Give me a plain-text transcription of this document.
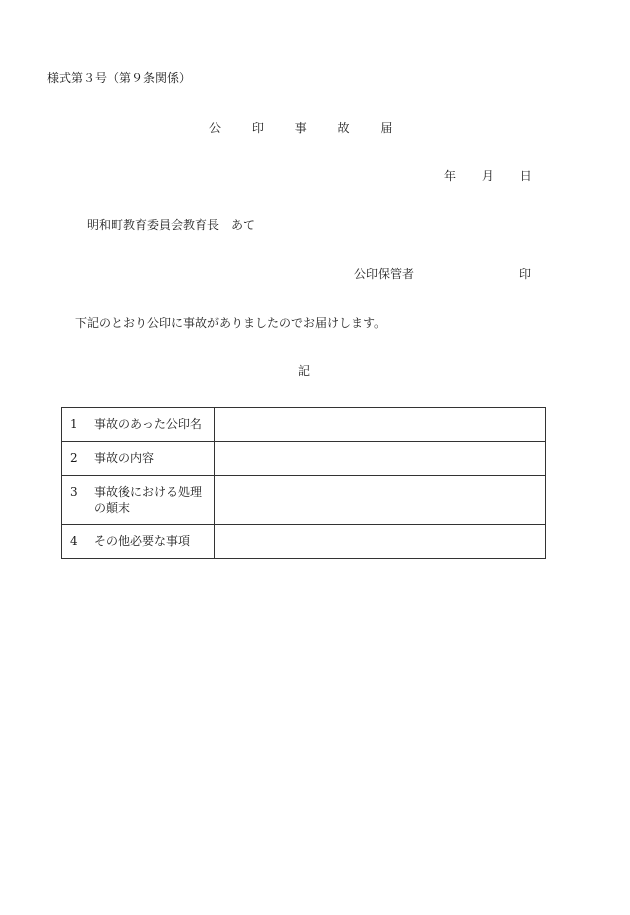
様式第３号（第９条関係）
公	印	事	故	届
年 月 日
明和町教育委員会教育長　あて
公印保管者	印
下記のとおり公印に事故がありましたのでお届けします。
記
1 事故のあった公印名	

2 事故の内容	

3 事故後における処理の顛末	

4 その他必要な事項	
